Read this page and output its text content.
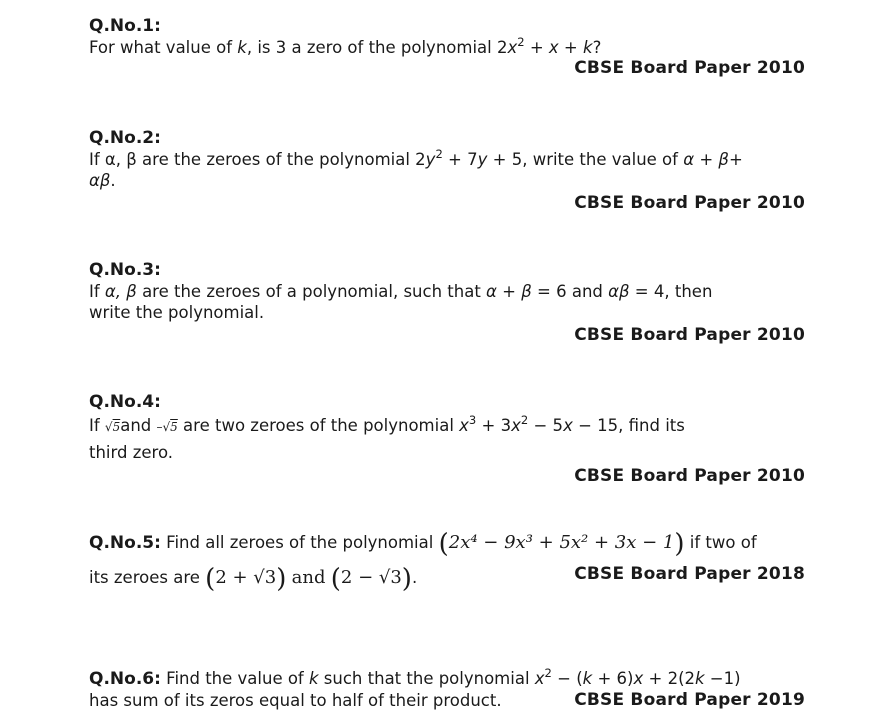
Q.No.1:
For what value of k, is 3 a zero of the polynomial $2x^2 + x + k$?
CBSE Board Paper 2010
Q.No.2:
If α, β are the zeroes of the polynomial $2y^2 + 7y + 5$, write the value of α + β+
αβ.
CBSE Board Paper 2010
Q.No.3:
If α, β are the zeroes of a polynomial, such that α + β = 6 and αβ = 4, then
write the polynomial.
CBSE Board Paper 2010
Q.No.4:
If √5and –√5 are two zeroes of the polynomial $x^3 + 3x^2 - 5x - 15$, find its
third zero.
CBSE Board Paper 2010
Q.No.5: Find all zeroes of the polynomial (2x⁴ − 9x³ + 5x² + 3x − 1) if two of
its zeroes are (2 + √3) and (2 − √3).	CBSE Board Paper 2018
Q.No.6: Find the value of k such that the polynomial $x^2 - (k + 6)x + 2(2k -1)$
has sum of its zeros equal to half of their product.	CBSE Board Paper 2019
